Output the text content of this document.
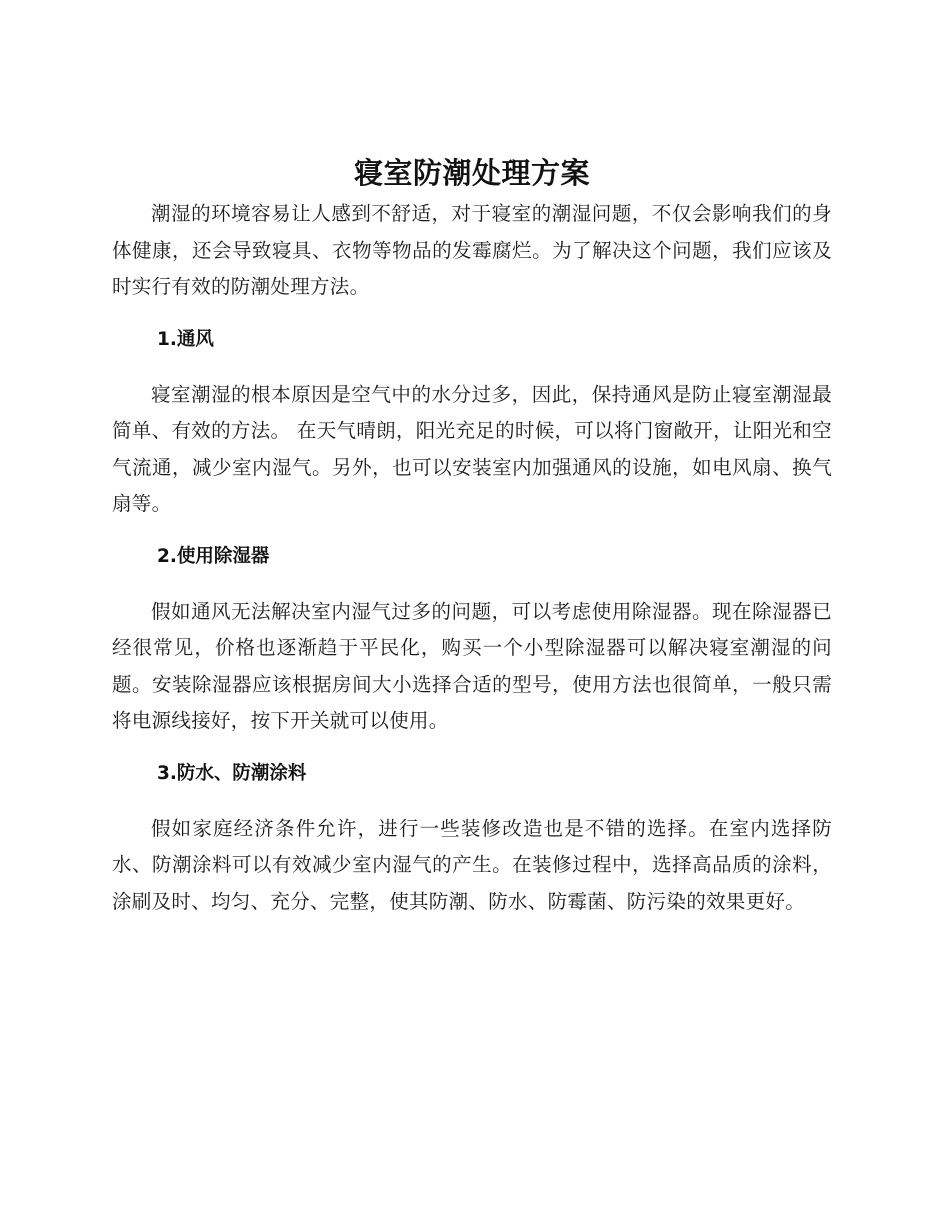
寝室防潮处理方案

潮湿的环境容易让人感到不舒适，对于寝室的潮湿问题，不仅会影响我们的身体健康，还会导致寝具、衣物等物品的发霉腐烂。为了解决这个问题，我们应该及时实行有效的防潮处理方法。

1.通风

寝室潮湿的根本原因是空气中的水分过多，因此，保持通风是防止寝室潮湿最简单、有效的方法。 在天气晴朗，阳光充足的时候，可以将门窗敞开，让阳光和空气流通，减少室内湿气。另外，也可以安装室内加强通风的设施，如电风扇、换气扇等。

2.使用除湿器

假如通风无法解决室内湿气过多的问题，可以考虑使用除湿器。现在除湿器已经很常见，价格也逐渐趋于平民化，购买一个小型除湿器可以解决寝室潮湿的问题。安装除湿器应该根据房间大小选择合适的型号，使用方法也很简单，一般只需将电源线接好，按下开关就可以使用。

3.防水、防潮涂料

假如家庭经济条件允许，进行一些装修改造也是不错的选择。在室内选择防水、防潮涂料可以有效减少室内湿气的产生。在装修过程中，选择高品质的涂料，涂刷及时、均匀、充分、完整，使其防潮、防水、防霉菌、防污染的效果更好。
